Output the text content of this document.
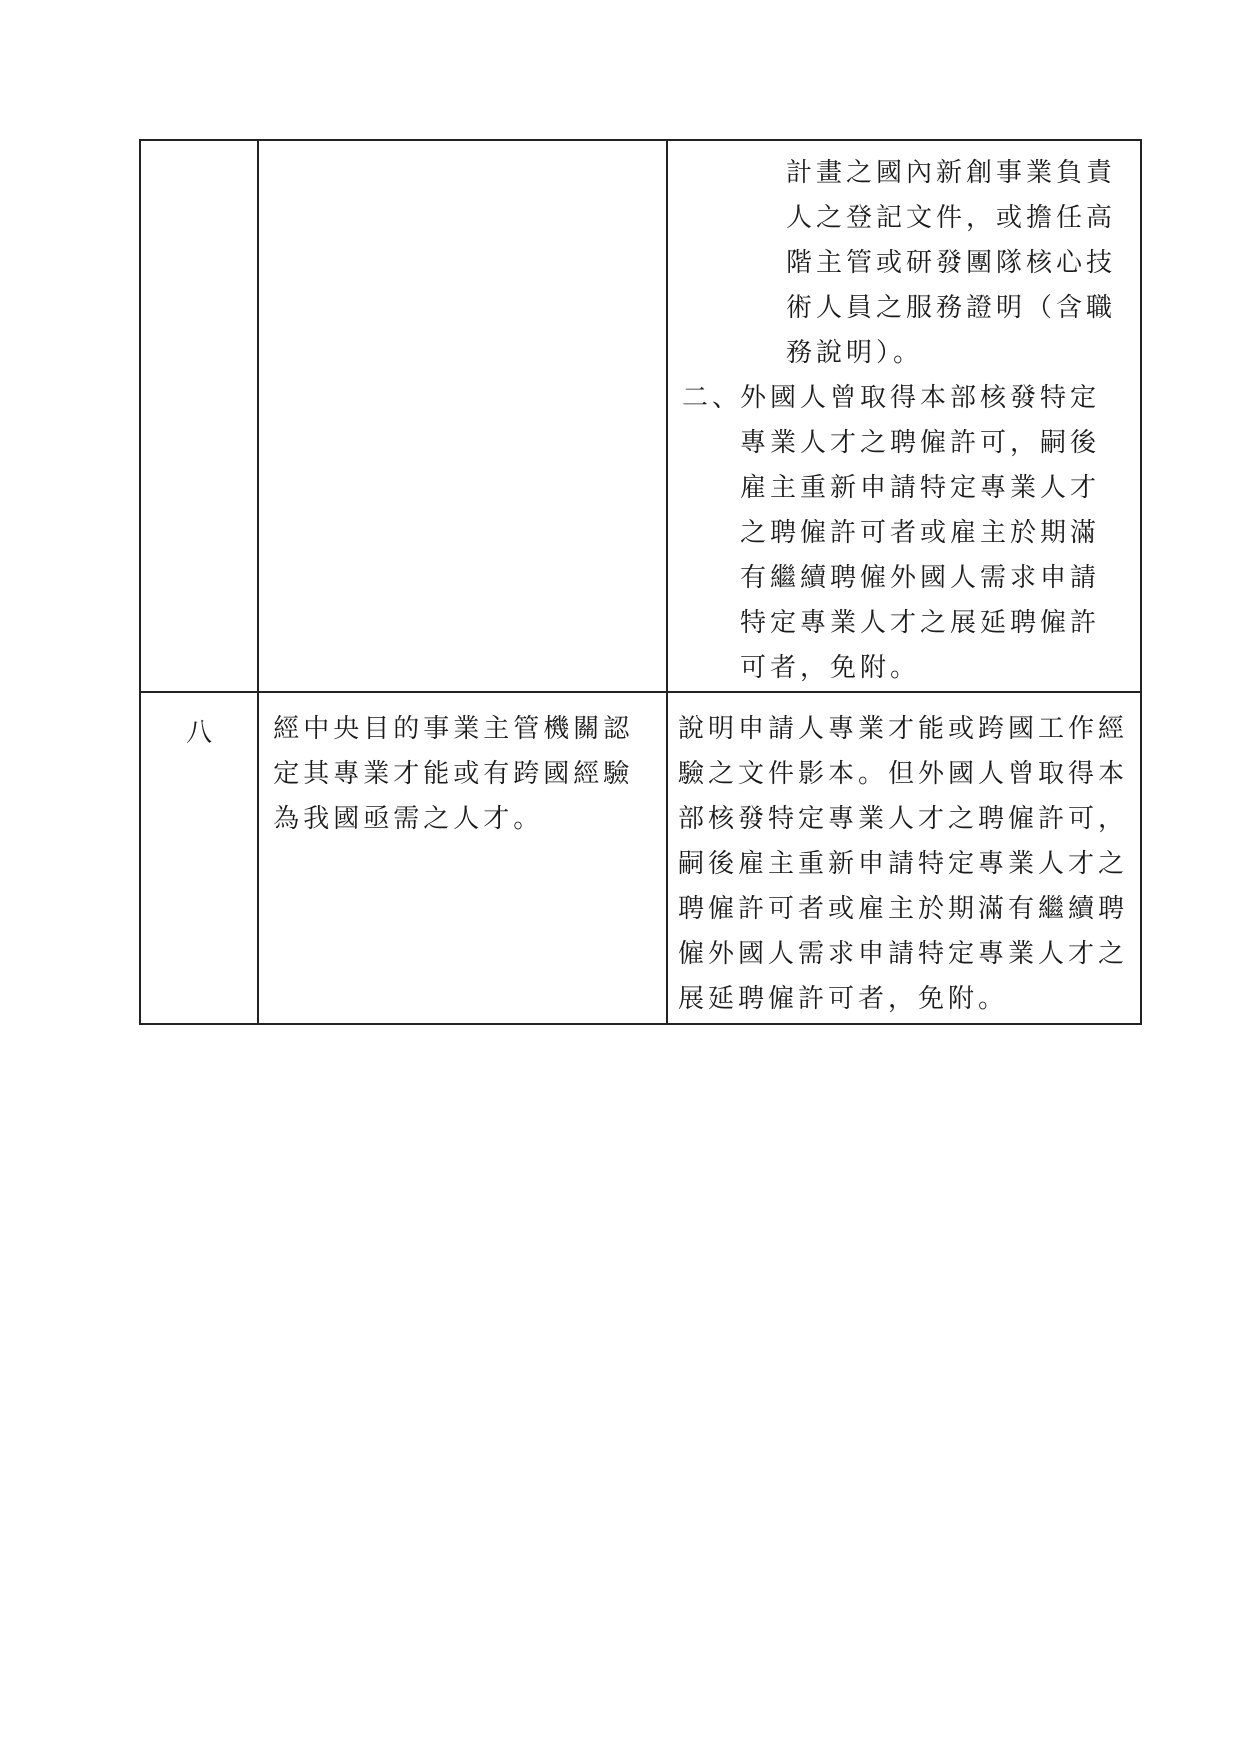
		計畫之國內新創事業負責人之登記文件，或擔任高階主管或研發團隊核心技術人員之服務證明（含職務說明）。
二、
外國人曾取得本部核發特定專業人才之聘僱許可，嗣後雇主重新申請特定專業人才之聘僱許可者或雇主於期滿有繼續聘僱外國人需求申請特定專業人才之展延聘僱許可者，免附。

八	經中央目的事業主管機關認定其專業才能或有跨國經驗為我國亟需之人才。	說明申請人專業才能或跨國工作經驗之文件影本。但外國人曾取得本部核發特定專業人才之聘僱許可，嗣後雇主重新申請特定專業人才之聘僱許可者或雇主於期滿有繼續聘僱外國人需求申請特定專業人才之展延聘僱許可者，免附。
